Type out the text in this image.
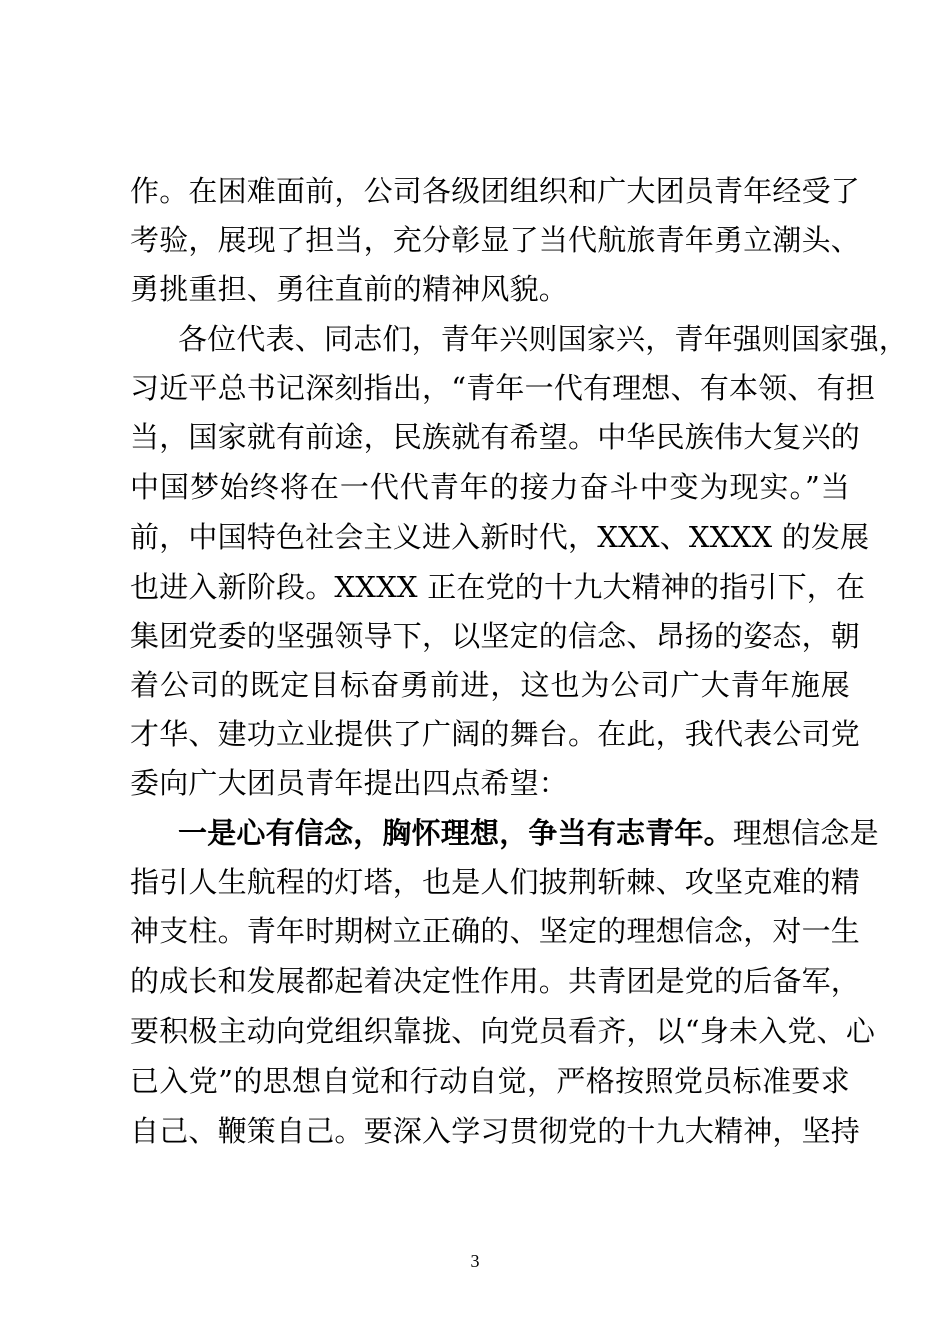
作。在困难面前，公司各级团组织和广大团员青年经受了
考验，展现了担当，充分彰显了当代航旅青年勇立潮头、
勇挑重担、勇往直前的精神风貌。
各位代表、同志们，青年兴则国家兴，青年强则国家强，
习近平总书记深刻指出，“青年一代有理想、有本领、有担
当，国家就有前途，民族就有希望。中华民族伟大复兴的
中国梦始终将在一代代青年的接力奋斗中变为现实。”当
前，中国特色社会主义进入新时代，XXX、XXXX 的发展
也进入新阶段。XXXX 正在党的十九大精神的指引下，在
集团党委的坚强领导下，以坚定的信念、昂扬的姿态，朝
着公司的既定目标奋勇前进，这也为公司广大青年施展
才华、建功立业提供了广阔的舞台。在此，我代表公司党
委向广大团员青年提出四点希望：
一是心有信念，胸怀理想，争当有志青年。理想信念是
指引人生航程的灯塔，也是人们披荆斩棘、攻坚克难的精
神支柱。青年时期树立正确的、坚定的理想信念，对一生
的成长和发展都起着决定性作用。共青团是党的后备军，
要积极主动向党组织靠拢、向党员看齐，以“身未入党、心
已入党”的思想自觉和行动自觉，严格按照党员标准要求
自己、鞭策自己。要深入学习贯彻党的十九大精神，坚持
3
